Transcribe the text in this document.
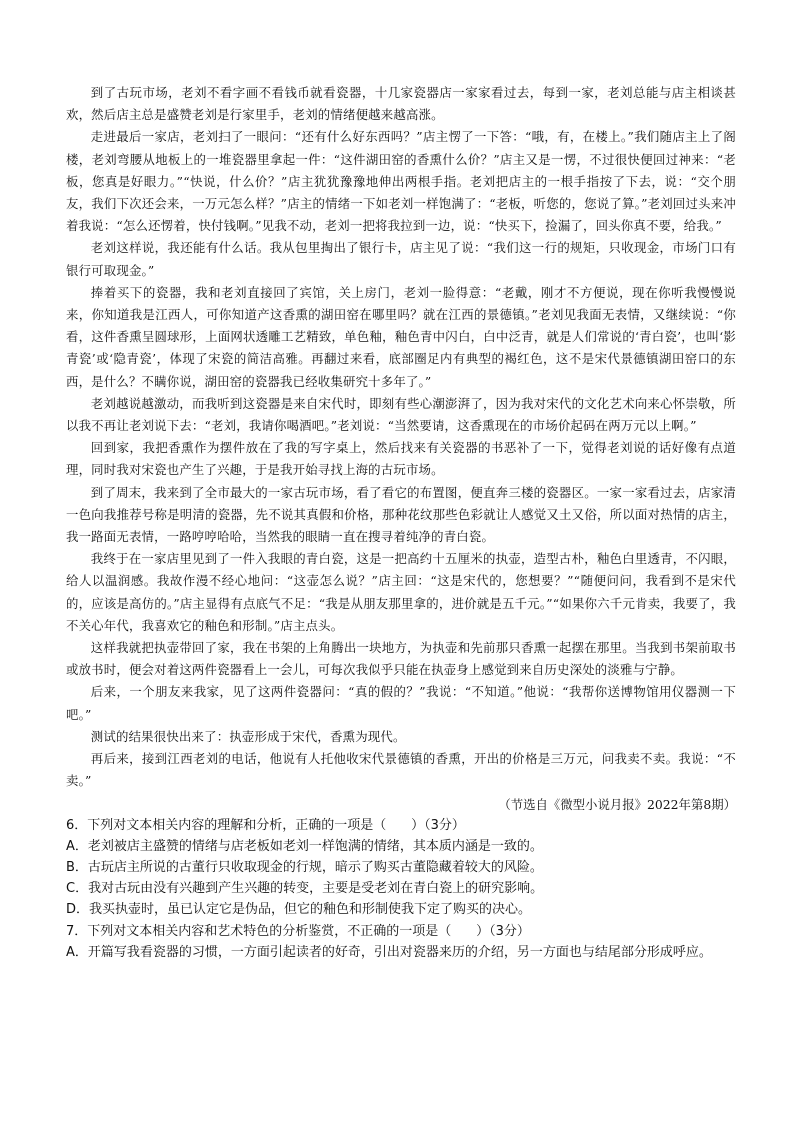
到了古玩市场，老刘不看字画不看钱币就看瓷器，十几家瓷器店一家家看过去，每到一家，老刘总能与店主相谈甚欢，然后店主总是盛赞老刘是行家里手，老刘的情绪便越来越高涨。

走进最后一家店，老刘扫了一眼问：“还有什么好东西吗？”店主愣了一下答：“哦，有，在楼上。”我们随店主上了阁楼，老刘弯腰从地板上的一堆瓷器里拿起一件：“这件湖田窑的香熏什么价？”店主又是一愣，不过很快便回过神来：“老板，您真是好眼力。”“快说，什么价？”店主犹犹豫豫地伸出两根手指。老刘把店主的一根手指按了下去，说：“交个朋友，我们下次还会来，一万元怎么样？”店主的情绪一下如老刘一样饱满了：“老板，听您的，您说了算。”老刘回过头来冲着我说：“怎么还愣着，快付钱啊。”见我不动，老刘一把将我拉到一边，说：“快买下，捡漏了，回头你真不要，给我。”

老刘这样说，我还能有什么话。我从包里掏出了银行卡，店主见了说：“我们这一行的规矩，只收现金，市场门口有银行可取现金。”

捧着买下的瓷器，我和老刘直接回了宾馆，关上房门，老刘一脸得意：“老戴，刚才不方便说，现在你听我慢慢说来，你知道我是江西人，可你知道产这香熏的湖田窑在哪里吗？就在江西的景德镇。”老刘见我面无表情，又继续说：“你看，这件香熏呈圆球形，上面网状透雕工艺精致，单色釉，釉色青中闪白，白中泛青，就是人们常说的‘青白瓷’，也叫‘影青瓷’或‘隐青瓷’，体现了宋瓷的简洁高雅。再翻过来看，底部圈足内有典型的褐红色，这不是宋代景德镇湖田窑口的东西，是什么？不瞒你说，湖田窑的瓷器我已经收集研究十多年了。”

老刘越说越激动，而我听到这瓷器是来自宋代时，即刻有些心潮澎湃了，因为我对宋代的文化艺术向来心怀崇敬，所以我不再让老刘说下去：“老刘，我请你喝酒吧。”老刘说：“当然要请，这香熏现在的市场价起码在两万元以上啊。”

回到家，我把香熏作为摆件放在了我的写字桌上，然后找来有关瓷器的书恶补了一下，觉得老刘说的话好像有点道理，同时我对宋瓷也产生了兴趣，于是我开始寻找上海的古玩市场。

到了周末，我来到了全市最大的一家古玩市场，看了看它的布置图，便直奔三楼的瓷器区。一家一家看过去，店家清一色向我推荐号称是明清的瓷器，先不说其真假和价格，那种花纹那些色彩就让人感觉又土又俗，所以面对热情的店主，我一路面无表情，一路哼哼哈哈，当然我的眼睛一直在搜寻着纯净的青白瓷。

我终于在一家店里见到了一件入我眼的青白瓷，这是一把高约十五厘米的执壶，造型古朴，釉色白里透青，不闪眼，给人以温润感。我故作漫不经心地问：“这壶怎么说？”店主回：“这是宋代的，您想要？”“随便问问，我看到不是宋代的，应该是高仿的。”店主显得有点底气不足：“我是从朋友那里拿的，进价就是五千元。”“如果你六千元肯卖，我要了，我不关心年代，我喜欢它的釉色和形制。”店主点头。

这样我就把执壶带回了家，我在书架的上角腾出一块地方，为执壶和先前那只香熏一起摆在那里。当我到书架前取书或放书时，便会对着这两件瓷器看上一会儿，可每次我似乎只能在执壶身上感觉到来自历史深处的淡雅与宁静。

后来，一个朋友来我家，见了这两件瓷器问：“真的假的？”我说：“不知道。”他说：“我帮你送博物馆用仪器测一下吧。”

测试的结果很快出来了：执壶形成于宋代，香熏为现代。

再后来，接到江西老刘的电话，他说有人托他收宋代景德镇的香熏，开出的价格是三万元，问我卖不卖。我说：“不卖。”

（节选自《微型小说月报》2022年第8期）

6．下列对文本相关内容的理解和分析，正确的一项是（ ）（3分）

A．老刘被店主盛赞的情绪与店老板如老刘一样饱满的情绪，其本质内涵是一致的。

B．古玩店主所说的古董行只收取现金的行规，暗示了购买古董隐藏着较大的风险。

C．我对古玩由没有兴趣到产生兴趣的转变，主要是受老刘在青白瓷上的研究影响。

D．我买执壶时，虽已认定它是伪品，但它的釉色和形制使我下定了购买的决心。

7．下列对文本相关内容和艺术特色的分析鉴赏，不正确的一项是（ ）（3分）

A．开篇写我看瓷器的习惯，一方面引起读者的好奇，引出对瓷器来历的介绍，另一方面也与结尾部分形成呼应。
